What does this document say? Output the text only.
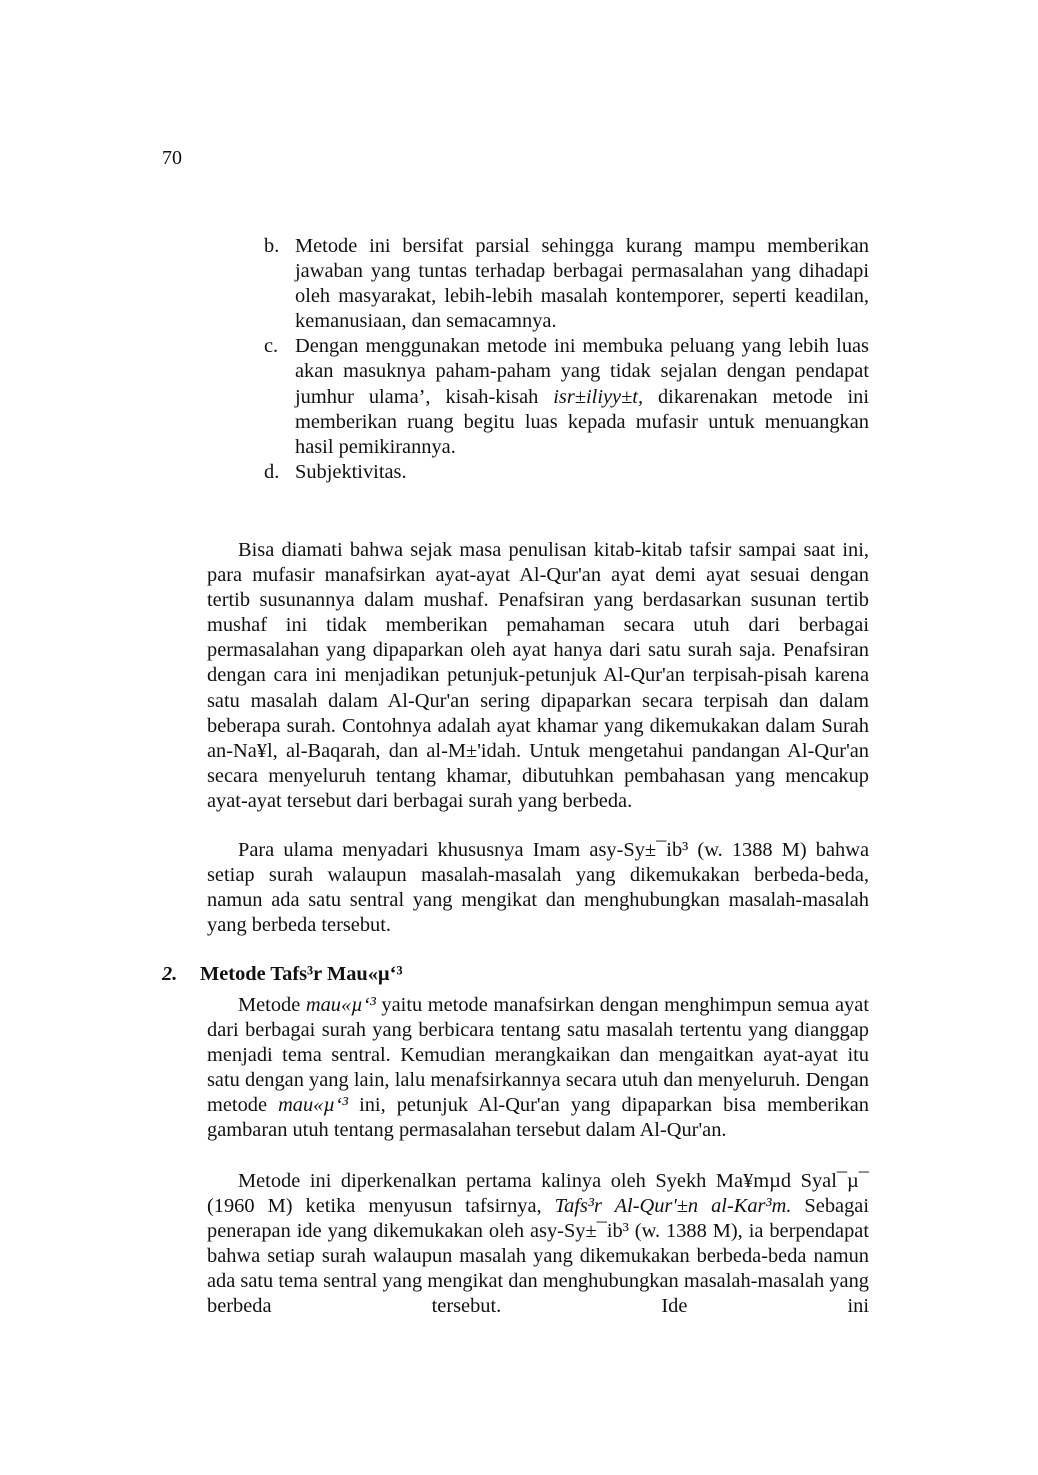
70
b. Metode ini bersifat parsial sehingga kurang mampu memberikan jawaban yang tuntas terhadap berbagai permasalahan yang dihadapi oleh masyarakat, lebih-lebih masalah kontemporer, seperti keadilan, kemanusiaan, dan semacamnya.
c. Dengan menggunakan metode ini membuka peluang yang lebih luas akan masuknya paham-paham yang tidak sejalan dengan pendapat jumhur ulama’, kisah-kisah isr±iliyy±t, dikarenakan metode ini memberikan ruang begitu luas kepada mufasir untuk menuangkan hasil pemikirannya.
d. Subjektivitas.

Bisa diamati bahwa sejak masa penulisan kitab-kitab tafsir sampai saat ini, para mufasir manafsirkan ayat-ayat Al-Qur'an ayat demi ayat sesuai dengan tertib susunannya dalam mushaf. Penafsiran yang berdasarkan susunan tertib mushaf ini tidak memberikan pemahaman secara utuh dari berbagai permasalahan yang dipaparkan oleh ayat hanya dari satu surah saja. Penafsiran dengan cara ini menjadikan petunjuk-petunjuk Al-Qur'an terpisah-pisah karena satu masalah dalam Al-Qur'an sering dipaparkan secara terpisah dan dalam beberapa surah. Contohnya adalah ayat khamar yang dikemukakan dalam Surah an-Na¥l, al-Baqarah, dan al-M±'idah. Untuk mengetahui pandangan Al-Qur'an secara menyeluruh tentang khamar, dibutuhkan pembahasan yang mencakup ayat-ayat tersebut dari berbagai surah yang berbeda.

Para ulama menyadari khususnya Imam asy-Sy±¯ib³ (w. 1388 M) bahwa setiap surah walaupun masalah-masalah yang dikemukakan berbeda-beda, namun ada satu sentral yang mengikat dan menghubungkan masalah-masalah yang berbeda tersebut.

2.	Metode Tafs³r Mau«µ‘³

Metode mau«µ‘³ yaitu metode manafsirkan dengan menghimpun semua ayat dari berbagai surah yang berbicara tentang satu masalah tertentu yang dianggap menjadi tema sentral. Kemudian merangkaikan dan mengaitkan ayat-ayat itu satu dengan yang lain, lalu menafsirkannya secara utuh dan menyeluruh. Dengan metode mau«µ‘³ ini, petunjuk Al-Qur'an yang dipaparkan bisa memberikan gambaran utuh tentang permasalahan tersebut dalam Al-Qur'an.

Metode ini diperkenalkan pertama kalinya oleh Syekh Ma¥mµd Syal¯µ¯ (1960 M) ketika menyusun tafsirnya, Tafs³r Al-Qur'±n al-Kar³m. Sebagai penerapan ide yang dikemukakan oleh asy-Sy±¯ib³ (w. 1388 M), ia berpendapat bahwa setiap surah walaupun masalah yang dikemukakan berbeda-beda namun ada satu tema sentral yang mengikat dan menghubungkan masalah-masalah yang berbeda tersebut. Ide ini
